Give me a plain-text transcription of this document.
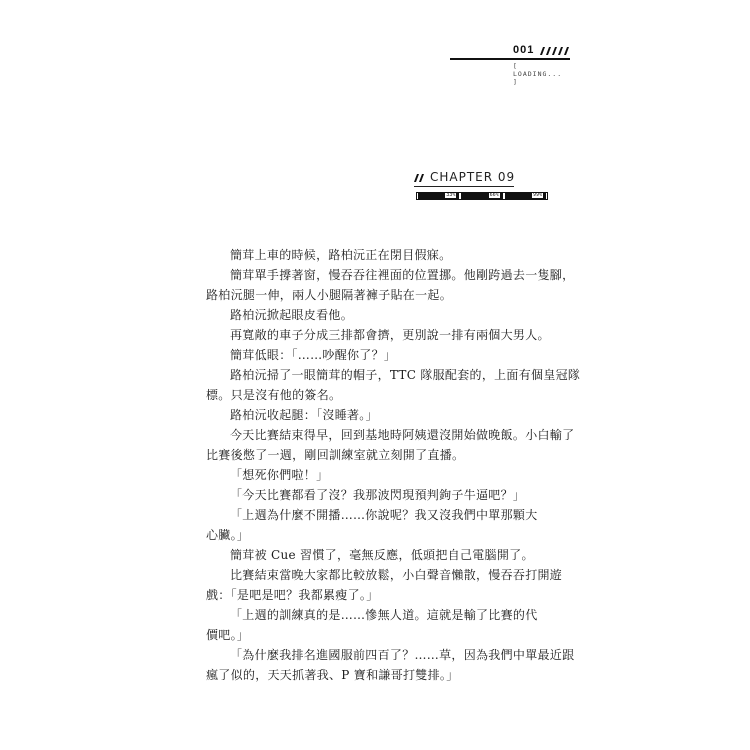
001
[ LOADING... ]
CHAPTER 09
33%	66%	99%

簡茸上車的時候，路柏沅正在閉目假寐。

簡茸單手撐著窗，慢吞吞往裡面的位置挪。他剛跨過去一隻腳，
路柏沅腿一伸，兩人小腿隔著褲子貼在一起。

路柏沅掀起眼皮看他。

再寬敞的車子分成三排都會擠，更別說一排有兩個大男人。

簡茸低眼：「……吵醒你了？」

路柏沅掃了一眼簡茸的帽子，TTC 隊服配套的，上面有個皇冠隊
標。只是沒有他的簽名。

路柏沅收起腿：「沒睡著。」

今天比賽結束得早，回到基地時阿姨還沒開始做晚飯。小白輸了
比賽後憋了一週，剛回訓練室就立刻開了直播。

「想死你們啦！」

「今天比賽都看了沒？我那波閃現預判鉤子牛逼吧？」

「上週為什麼不開播……你說呢？我又沒我們中單那顆大
心臟。」

簡茸被 Cue 習慣了，毫無反應，低頭把自己電腦開了。

比賽結束當晚大家都比較放鬆，小白聲音懶散，慢吞吞打開遊
戲：「是吧是吧？我都累瘦了。」

「上週的訓練真的是……慘無人道。這就是輸了比賽的代
價吧。」

「為什麼我排名進國服前四百了？……草，因為我們中單最近跟
瘋了似的，天天抓著我、P 寶和謙哥打雙排。」
